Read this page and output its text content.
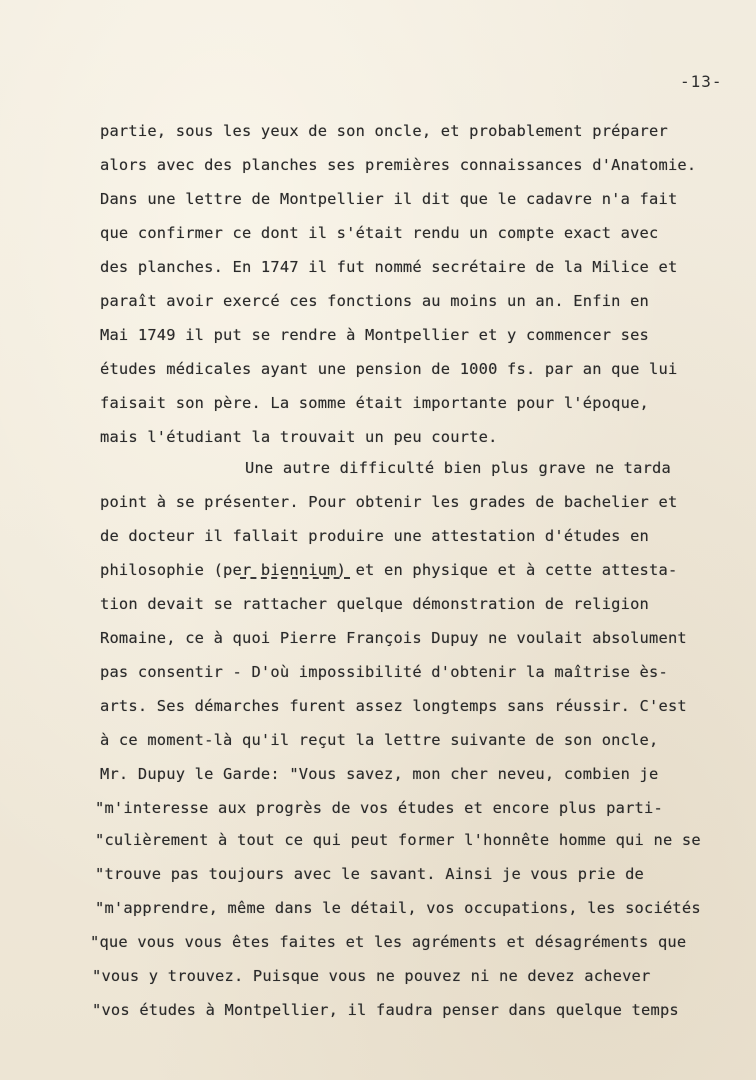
-13-
partie, sous les yeux de son oncle, et probablement préparer
alors avec des planches ses premières connaissances d'Anatomie.
Dans une lettre de Montpellier il dit que le cadavre n'a fait
que confirmer ce dont il s'était rendu un compte exact avec
des planches. En 1747 il fut nommé secrétaire de la Milice et
paraît avoir exercé ces fonctions au moins un an. Enfin en
Mai 1749 il put se rendre à Montpellier et y commencer ses
études médicales ayant une pension de 1000 fs. par an que lui
faisait son père. La somme était importante pour l'époque,
mais l'étudiant la trouvait un peu courte.
Une autre difficulté bien plus grave ne tarda
point à se présenter. Pour obtenir les grades de bachelier et
de docteur il fallait produire une attestation d'études en
philosophie (per biennium) et en physique et à cette attesta-
tion devait se rattacher quelque démonstration de religion
Romaine, ce à quoi Pierre François Dupuy ne voulait absolument
pas consentir - D'où impossibilité d'obtenir la maîtrise ès-
arts. Ses démarches furent assez longtemps sans réussir. C'est
à ce moment-là qu'il reçut la lettre suivante de son oncle,
Mr. Dupuy le Garde: "Vous savez, mon cher neveu, combien je
"m'interesse aux progrès de vos études et encore plus parti-
"culièrement à tout ce qui peut former l'honnête homme qui ne se
"trouve pas toujours avec le savant. Ainsi je vous prie de
"m'apprendre, même dans le détail, vos occupations, les sociétés
"que vous vous êtes faites et les agréments et désagréments que
"vous y trouvez. Puisque vous ne pouvez ni ne devez achever
"vos études à Montpellier, il faudra penser dans quelque temps
